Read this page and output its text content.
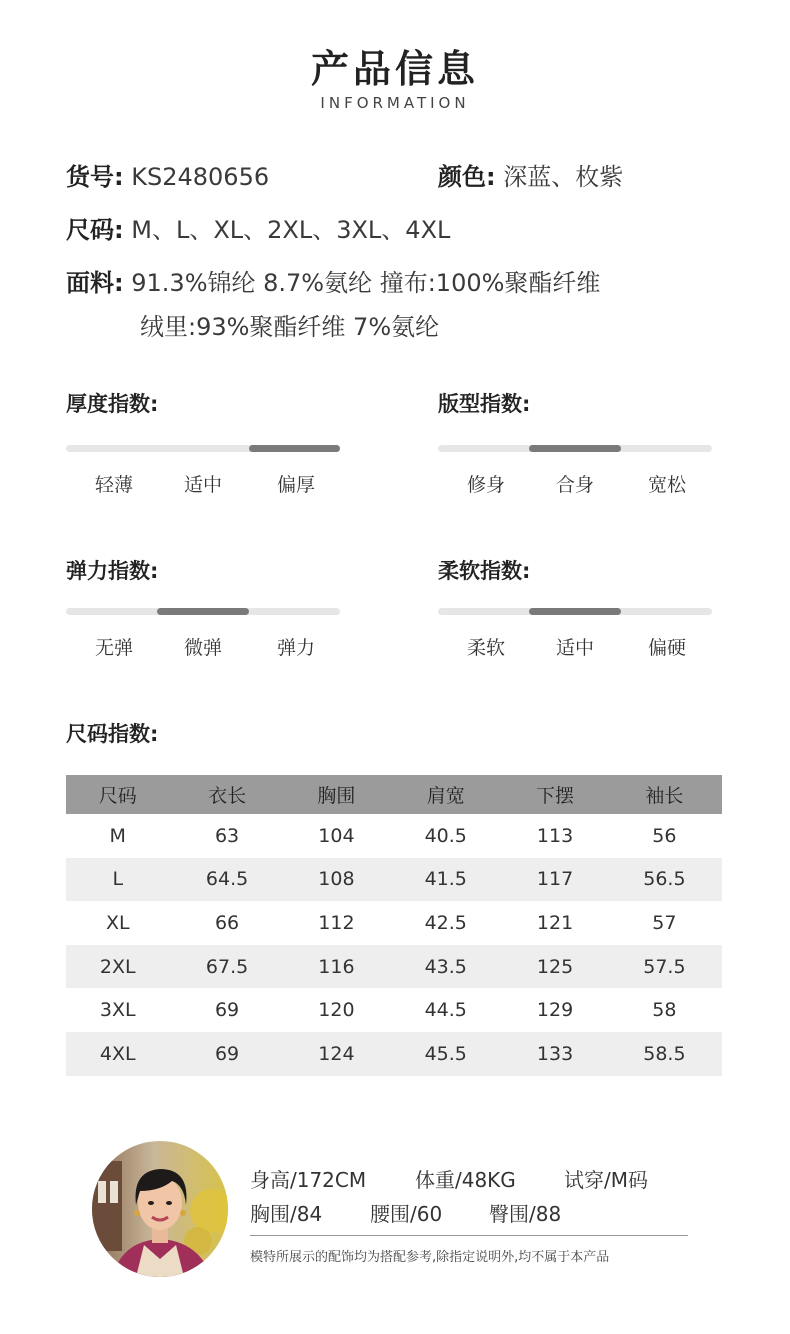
产品信息
INFORMATION
货号: KS2480656	颜色: 深蓝、枚紫
尺码: M、L、XL、2XL、3XL、4XL
面料: 91.3%锦纶 8.7%氨纶 撞布:100%聚酯纤维
绒里:93%聚酯纤维 7%氨纶
厚度指数:
轻薄	适中	偏厚
版型指数:
修身	合身	宽松
弹力指数:
无弹	微弹	弹力
柔软指数:
柔软	适中	偏硬
尺码指数:
尺码	衣长	胸围	肩宽	下摆	袖长
M	63	104	40.5	113	56
L	64.5	108	41.5	117	56.5
XL	66	112	42.5	121	57
2XL	67.5	116	43.5	125	57.5
3XL	69	120	44.5	129	58
4XL	69	124	45.5	133	58.5
身高/172CM 体重/48KG 试穿/M码
胸围/84 腰围/60 臀围/88
模特所展示的配饰均为搭配参考,除指定说明外,均不属于本产品
